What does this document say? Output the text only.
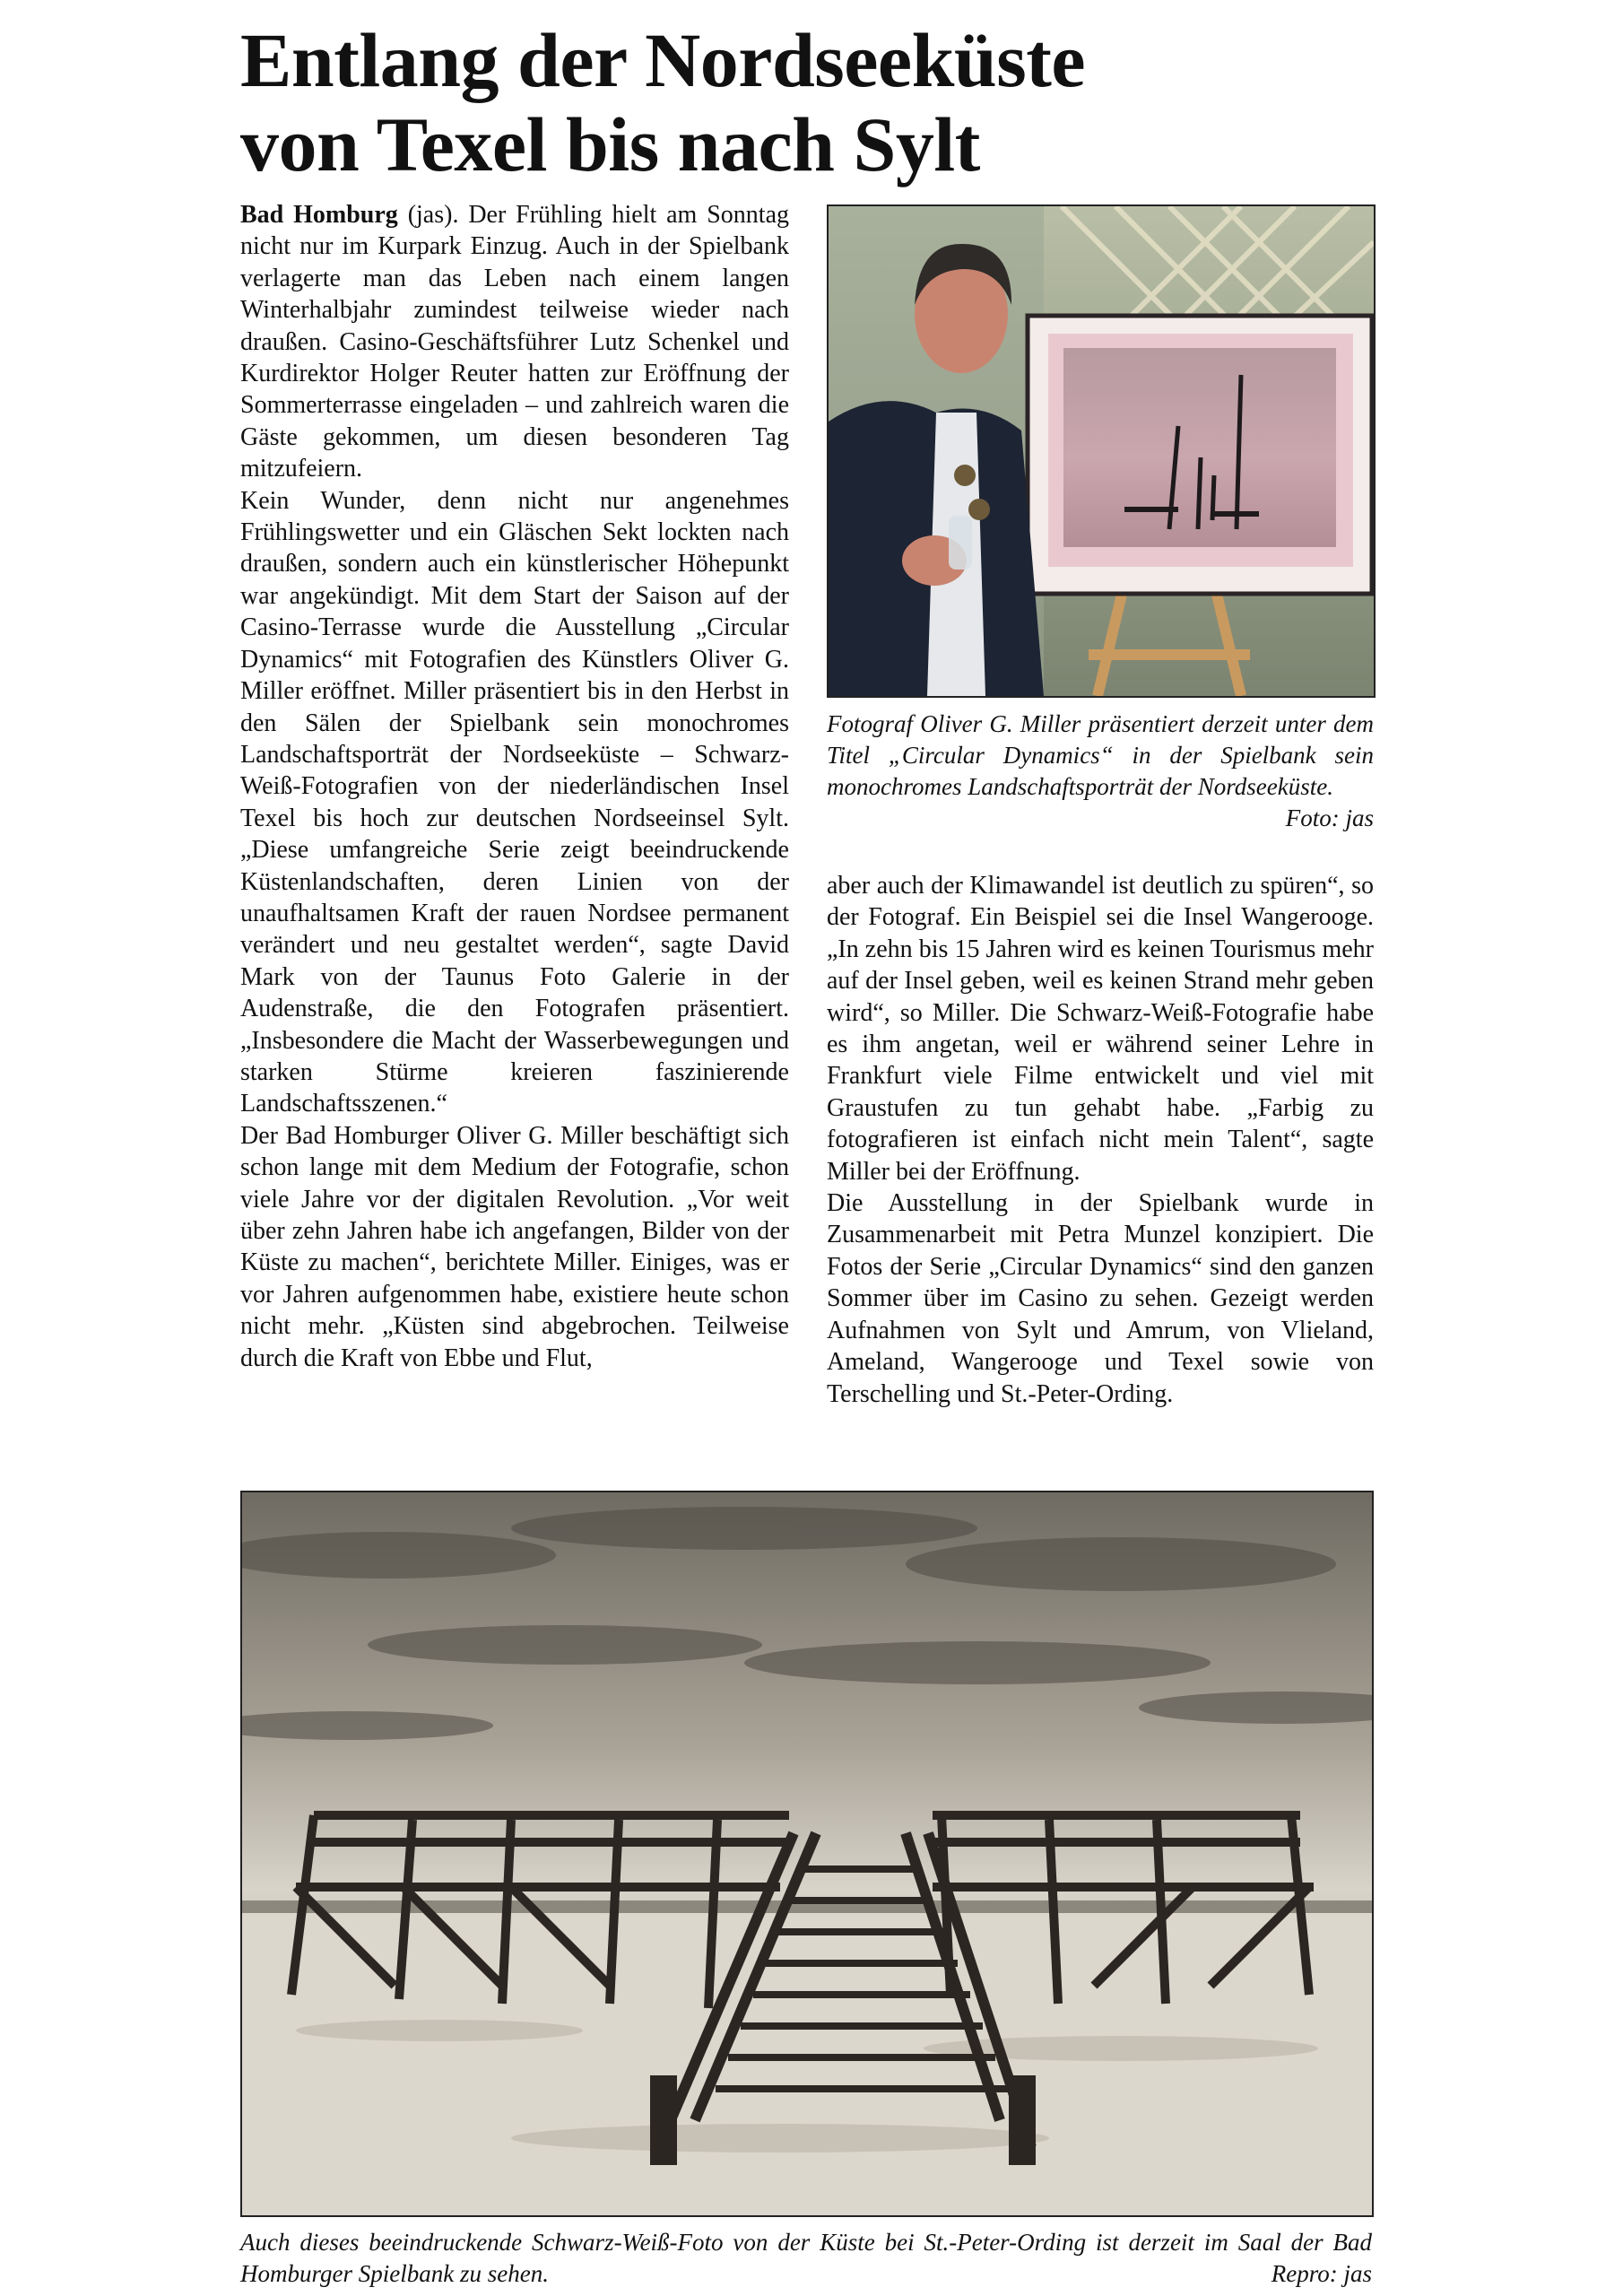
Entlang der Nordseeküste
von Texel bis nach Sylt

Bad Homburg (jas). Der Frühling hielt am Sonntag nicht nur im Kurpark Einzug. Auch in der Spielbank verlagerte man das Leben nach einem langen Winterhalbjahr zumindest teilweise wieder nach draußen. Casino-Geschäftsführer Lutz Schenkel und Kurdirektor Holger Reuter hatten zur Eröffnung der Sommerterrasse eingeladen – und zahlreich waren die Gäste gekommen, um diesen besonderen Tag mitzufeiern.

Kein Wunder, denn nicht nur angenehmes Frühlingswetter und ein Gläschen Sekt lockten nach draußen, sondern auch ein künstlerischer Höhepunkt war angekündigt. Mit dem Start der Saison auf der Casino-Terrasse wurde die Ausstellung „Circular Dynamics“ mit Fotografien des Künstlers Oliver G. Miller eröffnet. Miller präsentiert bis in den Herbst in den Sälen der Spielbank sein monochromes Landschaftsporträt der Nordseeküste – Schwarz-Weiß-Fotografien von der niederländischen Insel Texel bis hoch zur deutschen Nordseeinsel Sylt. „Diese umfangreiche Serie zeigt beeindruckende Küstenlandschaften, deren Linien von der unaufhaltsamen Kraft der rauen Nordsee permanent verändert und neu gestaltet werden“, sagte David Mark von der Taunus Foto Galerie in der Audenstraße, die den Fotografen präsentiert. „Insbesondere die Macht der Wasserbewegungen und starken Stürme kreieren faszinierende Landschaftsszenen.“

Der Bad Homburger Oliver G. Miller beschäftigt sich schon lange mit dem Medium der Fotografie, schon viele Jahre vor der digitalen Revolution. „Vor weit über zehn Jahren habe ich angefangen, Bilder von der Küste zu machen“, berichtete Miller. Einiges, was er vor Jahren aufgenommen habe, existiere heute schon nicht mehr. „Küsten sind abgebrochen. Teilweise durch die Kraft von Ebbe und Flut,

Fotograf Oliver G. Miller präsentiert derzeit unter dem Titel „Circular Dynamics“ in der Spielbank sein monochromes Landschaftsporträt der Nordseeküste.
Foto: jas

aber auch der Klimawandel ist deutlich zu spüren“, so der Fotograf. Ein Beispiel sei die Insel Wangerooge. „In zehn bis 15 Jahren wird es keinen Tourismus mehr auf der Insel geben, weil es keinen Strand mehr geben wird“, so Miller. Die Schwarz-Weiß-Fotografie habe es ihm angetan, weil er während seiner Lehre in Frankfurt viele Filme entwickelt und viel mit Graustufen zu tun gehabt habe. „Farbig zu fotografieren ist einfach nicht mein Talent“, sagte Miller bei der Eröffnung.

Die Ausstellung in der Spielbank wurde in Zusammenarbeit mit Petra Munzel konzipiert. Die Fotos der Serie „Circular Dynamics“ sind den ganzen Sommer über im Casino zu sehen. Gezeigt werden Aufnahmen von Sylt und Amrum, von Vlieland, Ameland, Wangerooge und Texel sowie von Terschelling und St.-Peter-Ording.

Auch dieses beeindruckende Schwarz-Weiß-Foto von der Küste bei St.-Peter-Ording ist derzeit im Saal der Bad Homburger Spielbank zu sehen.	Repro: jas
